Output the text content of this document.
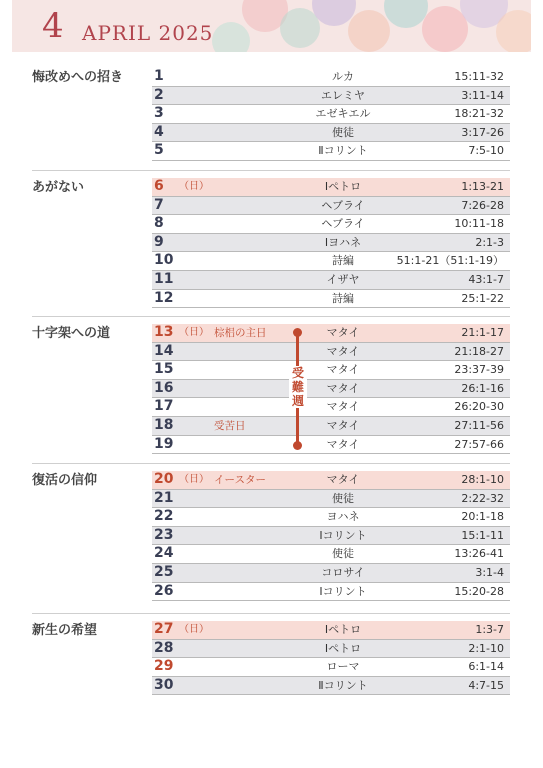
4 APRIL 2025
悔改めへの招き 1	ルカ	15:11-32
2	エレミヤ	3:11-14
3	エゼキエル	18:21-32
4	使徒	3:17-26
5	Ⅱコリント	7:5-10
あがない	6 （日）	Ⅰペトロ	1:13-21
7	ヘブライ	7:26-28
8	ヘブライ	10:11-18
9	Ⅰヨハネ	2:1-3
10	詩編	51:1-21（51:1-19）
11	イザヤ	43:1-7
12	詩編	25:1-22
十字架への道	13 （日） 棕梠の主日	マタイ	21:1-17
14	マタイ	21:18-27
15	マタイ	23:37-39
16	マタイ	26:1-16
17	マタイ	26:20-30
18	受苦日	マタイ	27:11-56
19	マタイ	27:57-66
復活の信仰	20 （日） イースター	マタイ	28:1-10
21	使徒	2:22-32
22	ヨハネ	20:1-18
23	Ⅰコリント	15:1-11
24	使徒	13:26-41
25	コロサイ	3:1-4
26	Ⅰコリント	15:20-28
新生の希望	27 （日）	Ⅰペトロ	1:3-7
28	Ⅰペトロ	2:1-10
29	ローマ	6:1-14
30	Ⅱコリント	4:7-15
受
難
週
